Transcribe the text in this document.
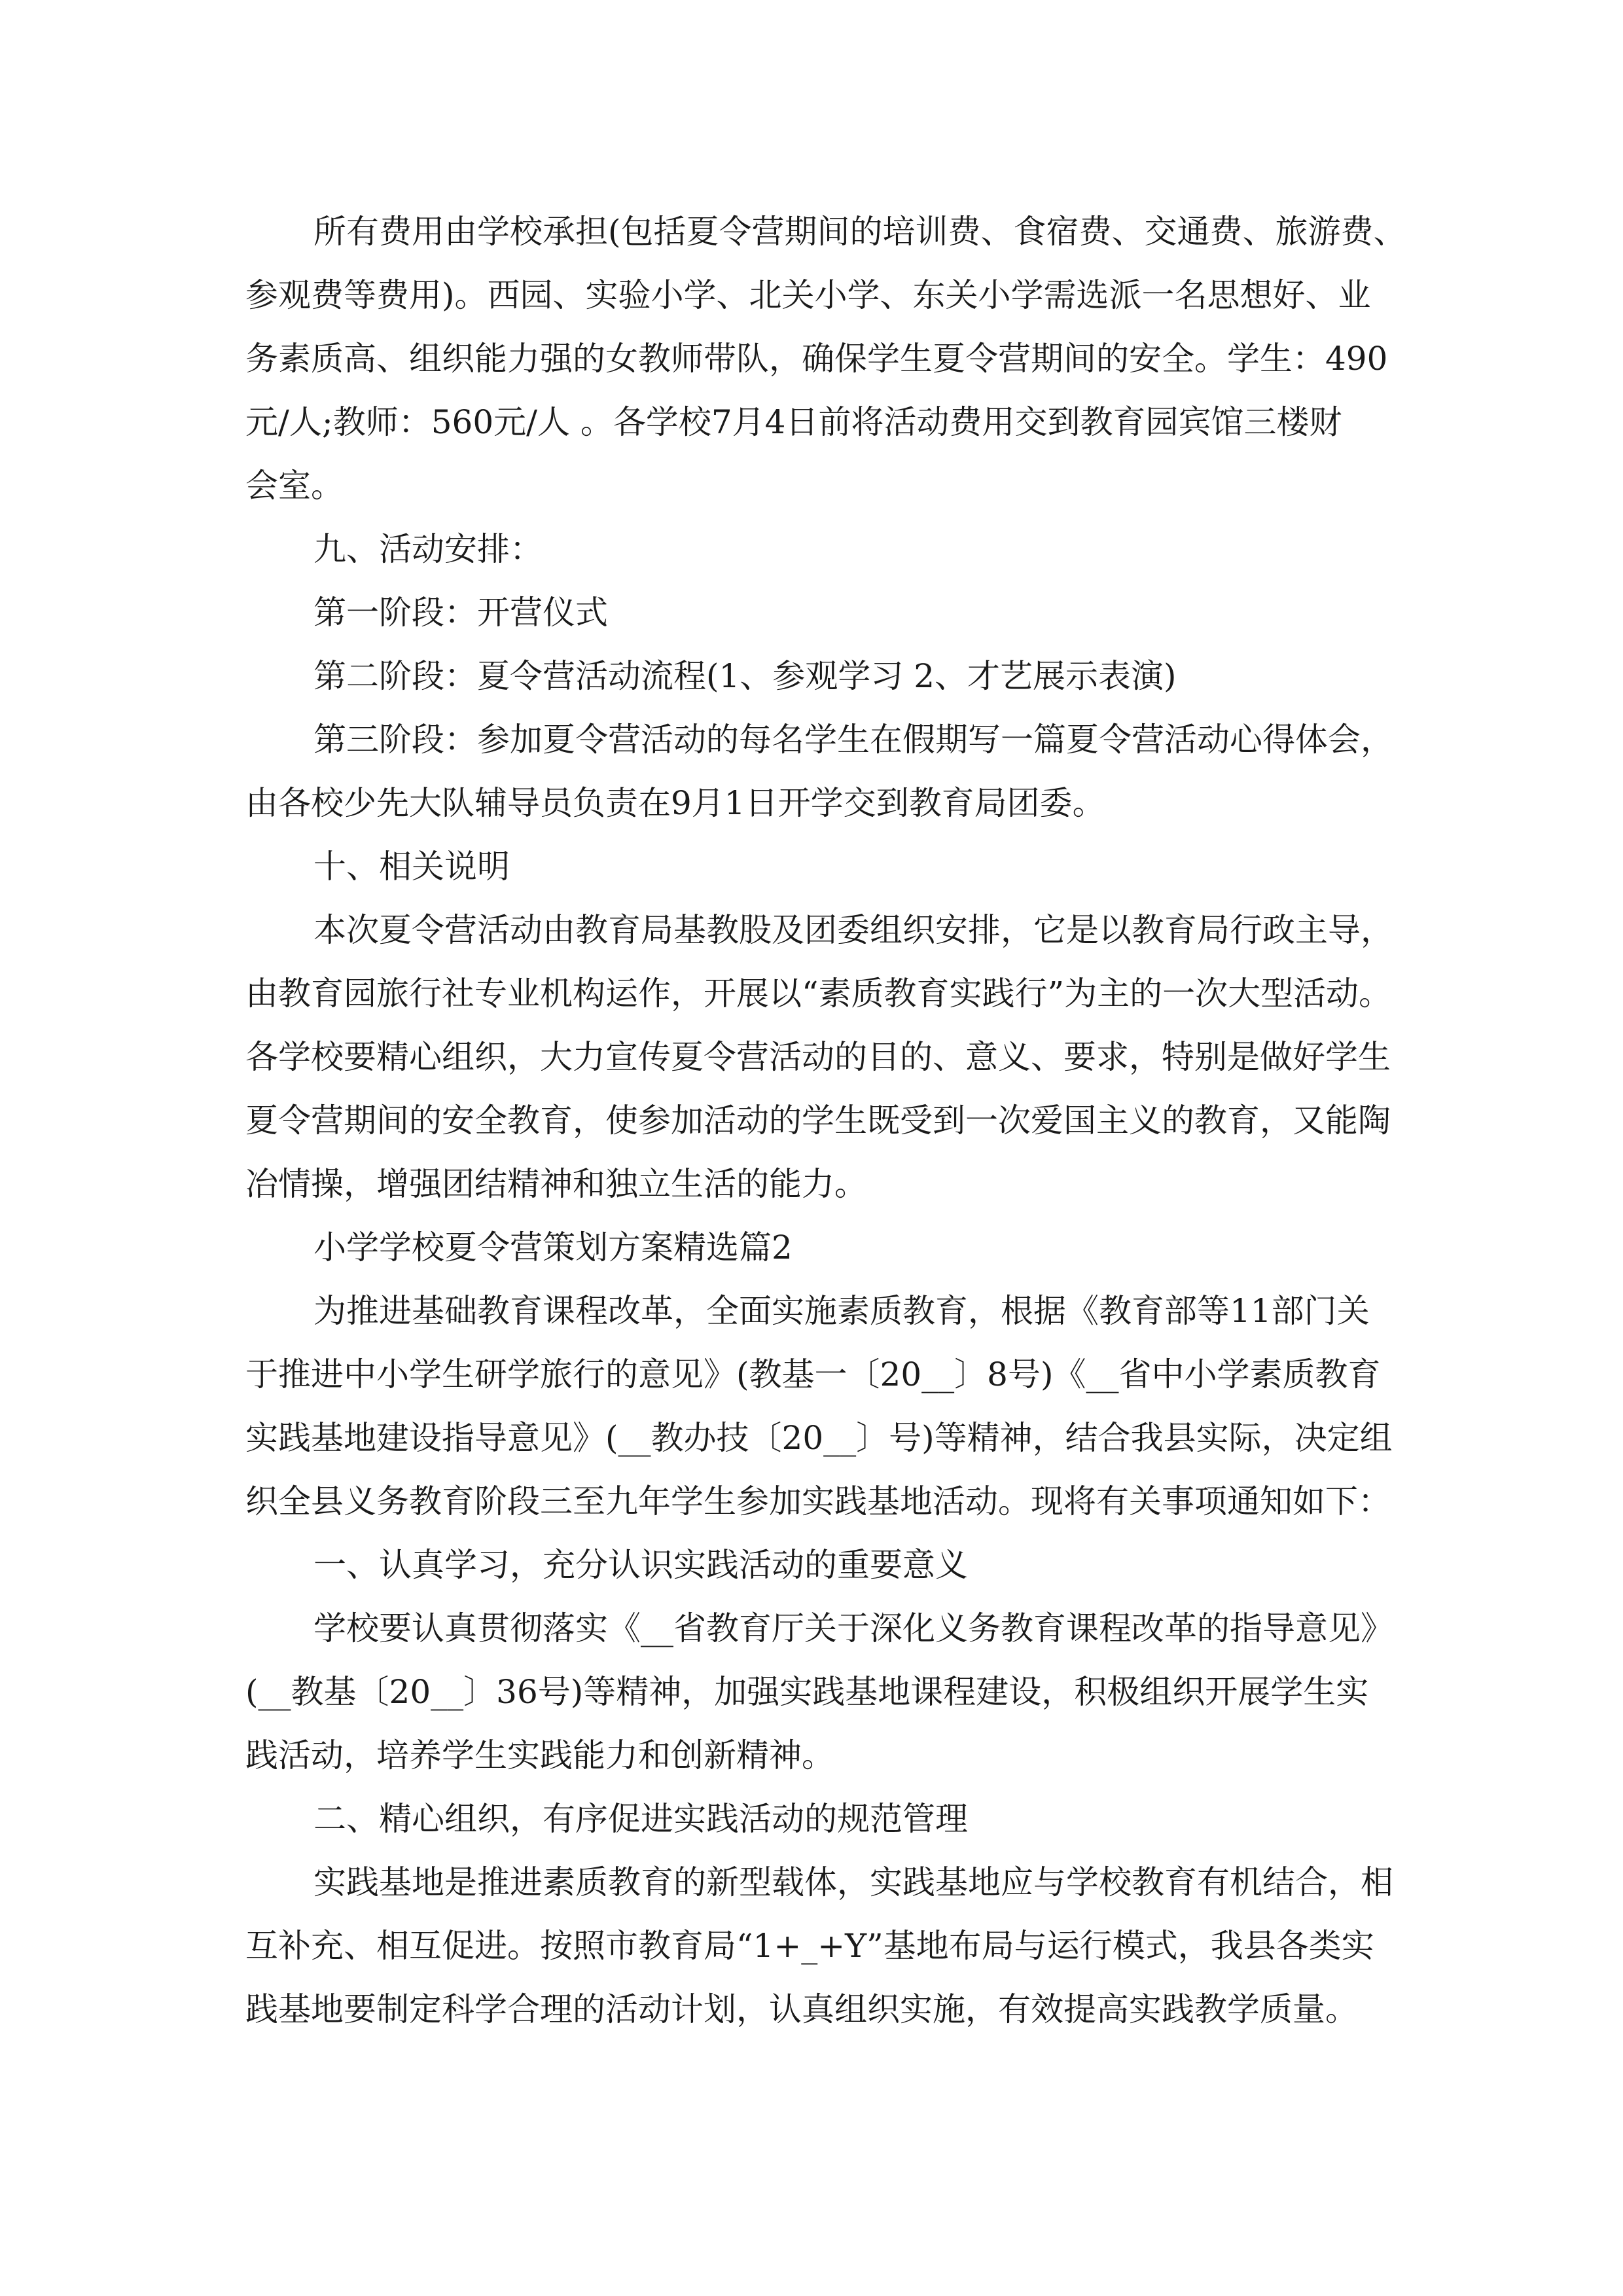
所有费用由学校承担(包括夏令营期间的培训费、食宿费、交通费、旅游费、
参观费等费用)。西园、实验小学、北关小学、东关小学需选派一名思想好、业
务素质高、组织能力强的女教师带队，确保学生夏令营期间的安全。学生：490
元/人;教师：560元/人 。各学校7月4日前将活动费用交到教育园宾馆三楼财
会室。
九、活动安排：
第一阶段：开营仪式
第二阶段：夏令营活动流程(1、参观学习 2、才艺展示表演)
第三阶段：参加夏令营活动的每名学生在假期写一篇夏令营活动心得体会，
由各校少先大队辅导员负责在9月1日开学交到教育局团委。
十、相关说明
本次夏令营活动由教育局基教股及团委组织安排，它是以教育局行政主导，
由教育园旅行社专业机构运作，开展以“素质教育实践行”为主的一次大型活动。
各学校要精心组织，大力宣传夏令营活动的目的、意义、要求，特别是做好学生
夏令营期间的安全教育，使参加活动的学生既受到一次爱国主义的教育，又能陶
冶情操，增强团结精神和独立生活的能力。
小学学校夏令营策划方案精选篇2
为推进基础教育课程改革，全面实施素质教育，根据《教育部等11部门关
于推进中小学生研学旅行的意见》(教基一〔20__〕8号)《__省中小学素质教育
实践基地建设指导意见》(__教办技〔20__〕号)等精神，结合我县实际，决定组
织全县义务教育阶段三至九年学生参加实践基地活动。现将有关事项通知如下：
一、认真学习，充分认识实践活动的重要意义
学校要认真贯彻落实《__省教育厅关于深化义务教育课程改革的指导意见》
(__教基〔20__〕36号)等精神，加强实践基地课程建设，积极组织开展学生实
践活动，培养学生实践能力和创新精神。
二、精心组织，有序促进实践活动的规范管理
实践基地是推进素质教育的新型载体，实践基地应与学校教育有机结合，相
互补充、相互促进。按照市教育局“1+_+Y”基地布局与运行模式，我县各类实
践基地要制定科学合理的活动计划，认真组织实施，有效提高实践教学质量。
